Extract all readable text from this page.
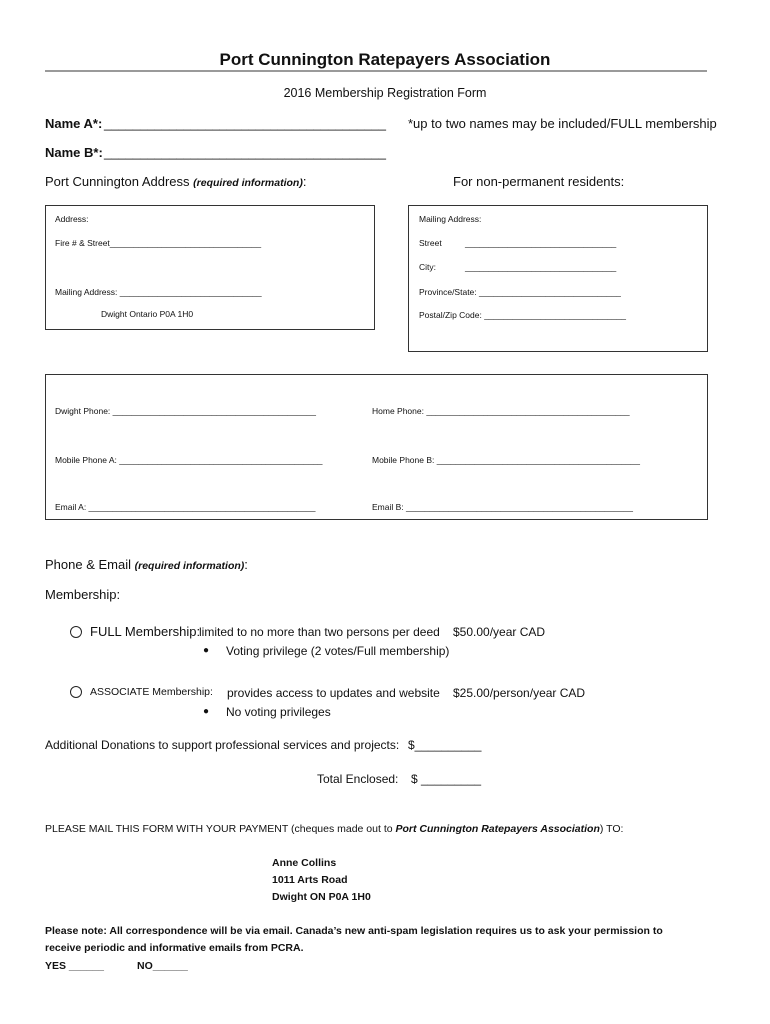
Port Cunnington Ratepayers Association
2016 Membership Registration Form
Name A*: _______________________________________ *up to two names may be included/FULL membership
Name B*: _______________________________________
Port Cunnington Address (required information):	For non-permanent residents:
Address:
Fire # & Street________________________________
Mailing Address: ______________________________
Dwight Ontario P0A 1H0
Mailing Address:
Street	________________________________
City:	________________________________
Province/State: ______________________________
Postal/Zip Code: ______________________________
Dwight Phone: ___________________________________________	Home Phone: ___________________________________________
Mobile Phone A: ___________________________________________	Mobile Phone B: ___________________________________________
Email A: ________________________________________________	Email B: ________________________________________________
Phone & Email (required information):
Membership:
FULL Membership:
limited to no more than two persons per deed $50.00/year CAD
● Voting privilege (2 votes/Full membership)
ASSOCIATE Membership: provides access to updates and website $25.00/person/year CAD
● No voting privileges
Additional Donations to support professional services and projects: $__________
Total Enclosed: $ _________
PLEASE MAIL THIS FORM WITH YOUR PAYMENT (cheques made out to Port Cunnington Ratepayers Association) TO:
Anne Collins
1011 Arts Road
Dwight ON P0A 1H0
Please note: All correspondence will be via email. Canada’s new anti-spam legislation requires us to ask your permission to
receive periodic and informative emails from PCRA.
YES ______	NO______
